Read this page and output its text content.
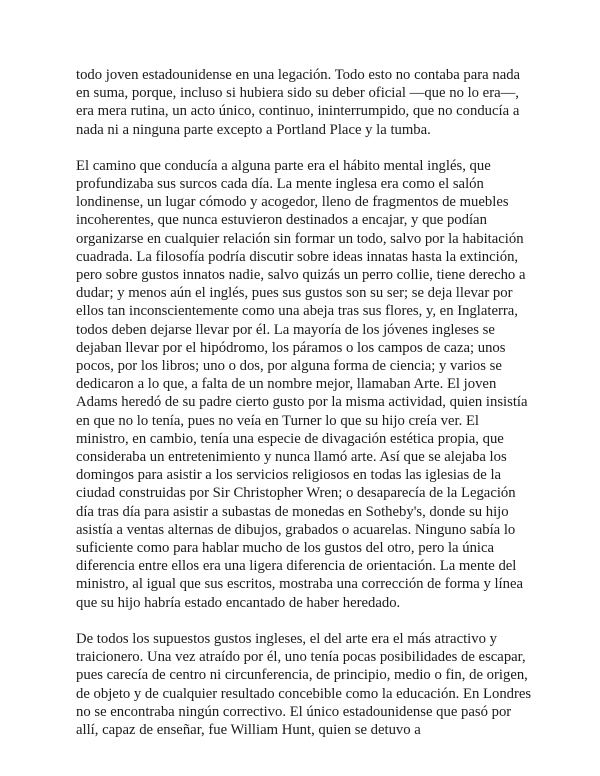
todo joven estadounidense en una legación. Todo esto no contaba para nada en suma, porque, incluso si hubiera sido su deber oficial —que no lo era—, era mera rutina, un acto único, continuo, ininterrumpido, que no conducía a nada ni a ninguna parte excepto a Portland Place y la tumba.

El camino que conducía a alguna parte era el hábito mental inglés, que profundizaba sus surcos cada día. La mente inglesa era como el salón londinense, un lugar cómodo y acogedor, lleno de fragmentos de muebles incoherentes, que nunca estuvieron destinados a encajar, y que podían organizarse en cualquier relación sin formar un todo, salvo por la habitación cuadrada. La filosofía podría discutir sobre ideas innatas hasta la extinción, pero sobre gustos innatos nadie, salvo quizás un perro collie, tiene derecho a dudar; y menos aún el inglés, pues sus gustos son su ser; se deja llevar por ellos tan inconscientemente como una abeja tras sus flores, y, en Inglaterra, todos deben dejarse llevar por él. La mayoría de los jóvenes ingleses se dejaban llevar por el hipódromo, los páramos o los campos de caza; unos pocos, por los libros; uno o dos, por alguna forma de ciencia; y varios se dedicaron a lo que, a falta de un nombre mejor, llamaban Arte. El joven Adams heredó de su padre cierto gusto por la misma actividad, quien insistía en que no lo tenía, pues no veía en Turner lo que su hijo creía ver. El ministro, en cambio, tenía una especie de divagación estética propia, que consideraba un entretenimiento y nunca llamó arte. Así que se alejaba los domingos para asistir a los servicios religiosos en todas las iglesias de la ciudad construidas por Sir Christopher Wren; o desaparecía de la Legación día tras día para asistir a subastas de monedas en Sotheby's, donde su hijo asistía a ventas alternas de dibujos, grabados o acuarelas. Ninguno sabía lo suficiente como para hablar mucho de los gustos del otro, pero la única diferencia entre ellos era una ligera diferencia de orientación. La mente del ministro, al igual que sus escritos, mostraba una corrección de forma y línea que su hijo habría estado encantado de haber heredado.

De todos los supuestos gustos ingleses, el del arte era el más atractivo y traicionero. Una vez atraído por él, uno tenía pocas posibilidades de escapar, pues carecía de centro ni circunferencia, de principio, medio o fin, de origen, de objeto y de cualquier resultado concebible como la educación. En Londres no se encontraba ningún correctivo. El único estadounidense que pasó por allí, capaz de enseñar, fue William Hunt, quien se detuvo a
